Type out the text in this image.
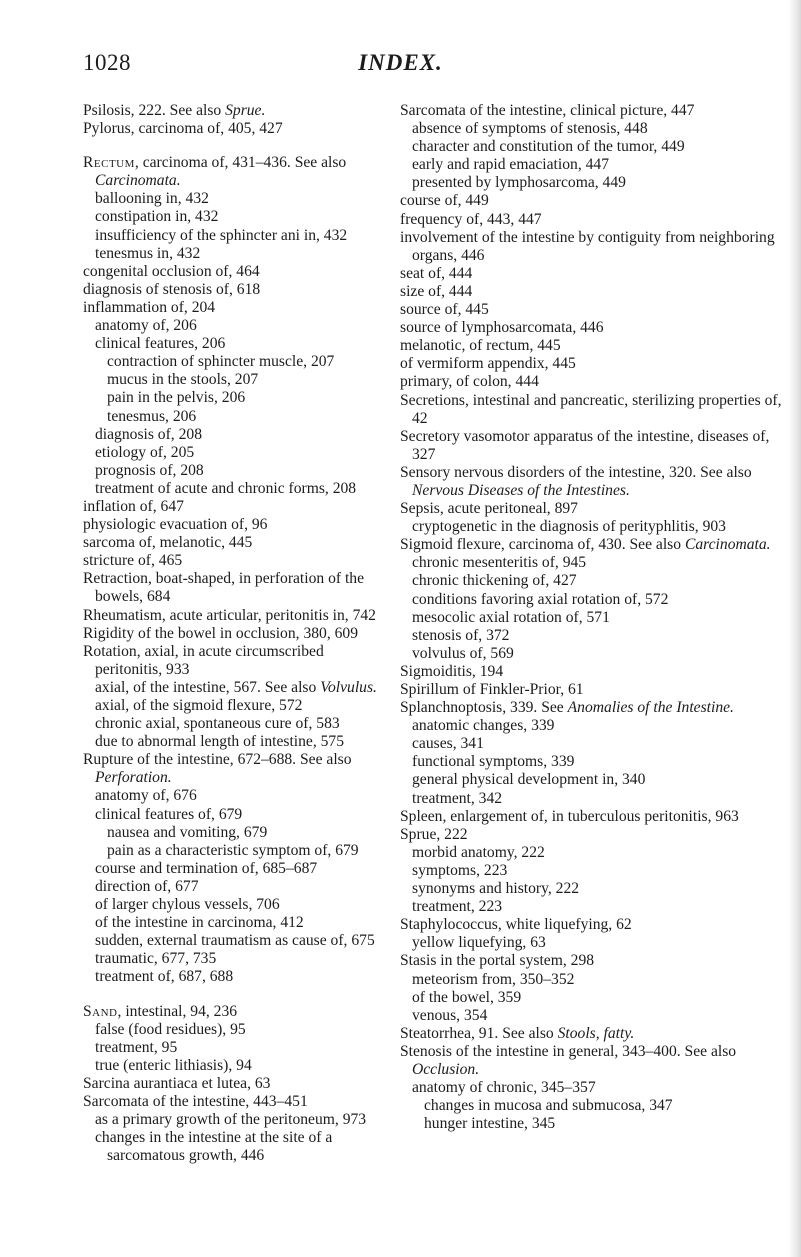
1028	INDEX.
Psilosis, 222. See also Sprue.
Pylorus, carcinoma of, 405, 427
Rectum, carcinoma of, 431–436. See also Carcinomata.
ballooning in, 432
constipation in, 432
insufficiency of the sphincter ani in, 432
tenesmus in, 432
congenital occlusion of, 464
diagnosis of stenosis of, 618
inflammation of, 204
anatomy of, 206
clinical features, 206
contraction of sphincter muscle, 207
mucus in the stools, 207
pain in the pelvis, 206
tenesmus, 206
diagnosis of, 208
etiology of, 205
prognosis of, 208
treatment of acute and chronic forms, 208
inflation of, 647
physiologic evacuation of, 96
sarcoma of, melanotic, 445
stricture of, 465
Retraction, boat-shaped, in perforation of the bowels, 684
Rheumatism, acute articular, peritonitis in, 742
Rigidity of the bowel in occlusion, 380, 609
Rotation, axial, in acute circumscribed peritonitis, 933
axial, of the intestine, 567. See also Volvulus.
axial, of the sigmoid flexure, 572
chronic axial, spontaneous cure of, 583
due to abnormal length of intestine, 575
Rupture of the intestine, 672–688. See also Perforation.
anatomy of, 676
clinical features of, 679
nausea and vomiting, 679
pain as a characteristic symptom of, 679
course and termination of, 685–687
direction of, 677
of larger chylous vessels, 706
of the intestine in carcinoma, 412
sudden, external traumatism as cause of, 675
traumatic, 677, 735
treatment of, 687, 688
Sand, intestinal, 94, 236
false (food residues), 95
treatment, 95
true (enteric lithiasis), 94
Sarcina aurantiaca et lutea, 63
Sarcomata of the intestine, 443–451
as a primary growth of the peritoneum, 973
changes in the intestine at the site of a sarcomatous growth, 446
Sarcomata of the intestine, clinical picture, 447
absence of symptoms of stenosis, 448
character and constitution of the tumor, 449
early and rapid emaciation, 447
presented by lymphosarcoma, 449
course of, 449
frequency of, 443, 447
involvement of the intestine by contiguity from neighboring organs, 446
seat of, 444
size of, 444
source of, 445
source of lymphosarcomata, 446
melanotic, of rectum, 445
of vermiform appendix, 445
primary, of colon, 444
Secretions, intestinal and pancreatic, sterilizing properties of, 42
Secretory vasomotor apparatus of the intestine, diseases of, 327
Sensory nervous disorders of the intestine, 320. See also Nervous Diseases of the Intestines.
Sepsis, acute peritoneal, 897
cryptogenetic in the diagnosis of perityphlitis, 903
Sigmoid flexure, carcinoma of, 430. See also Carcinomata.
chronic mesenteritis of, 945
chronic thickening of, 427
conditions favoring axial rotation of, 572
mesocolic axial rotation of, 571
stenosis of, 372
volvulus of, 569
Sigmoiditis, 194
Spirillum of Finkler-Prior, 61
Splanchnoptosis, 339. See Anomalies of the Intestine.
anatomic changes, 339
causes, 341
functional symptoms, 339
general physical development in, 340
treatment, 342
Spleen, enlargement of, in tuberculous peritonitis, 963
Sprue, 222
morbid anatomy, 222
symptoms, 223
synonyms and history, 222
treatment, 223
Staphylococcus, white liquefying, 62
yellow liquefying, 63
Stasis in the portal system, 298
meteorism from, 350–352
of the bowel, 359
venous, 354
Steatorrhea, 91. See also Stools, fatty.
Stenosis of the intestine in general, 343–400. See also Occlusion.
anatomy of chronic, 345–357
changes in mucosa and submucosa, 347
hunger intestine, 345
